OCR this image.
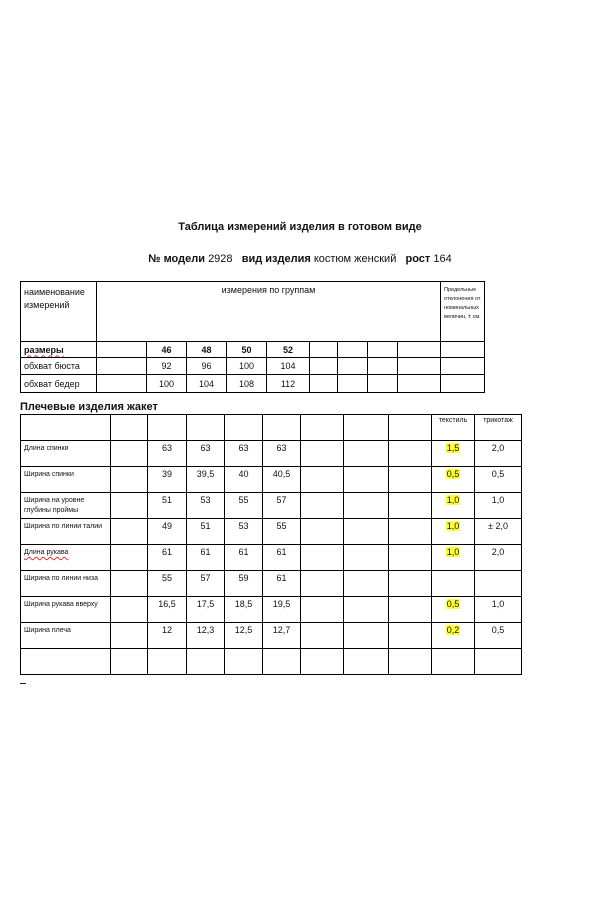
Таблица измерений изделия в готовом виде
№ модели 2928 вид изделия костюм женский рост 164
наименование измерений	измерения по группам									Предельные отклонения от номинальных величин, ± см.
размеры		46	48	50	52					
обхват бюста		92	96	100	104					
обхват бедер		100	104	108	112					
Плечевые изделия жакет
									текстиль	трикотаж
Длина спинки		63	63	63	63				1,5	2,0
Ширина спинки		39	39,5	40	40,5				0,5	0,5
Ширина на уровне глубины проймы		51	53	55	57				1,0	1,0
Ширина по линии талии		49	51	53	55				1,0	± 2,0
Длина рукава		61	61	61	61				1,0	2,0
Ширина по линии низа		55	57	59	61					
Ширина рукава вверху		16,5	17,5	18,5	19,5				0,5	1,0
Ширина плеча		12	12,3	12,5	12,7				0,2	0,5
